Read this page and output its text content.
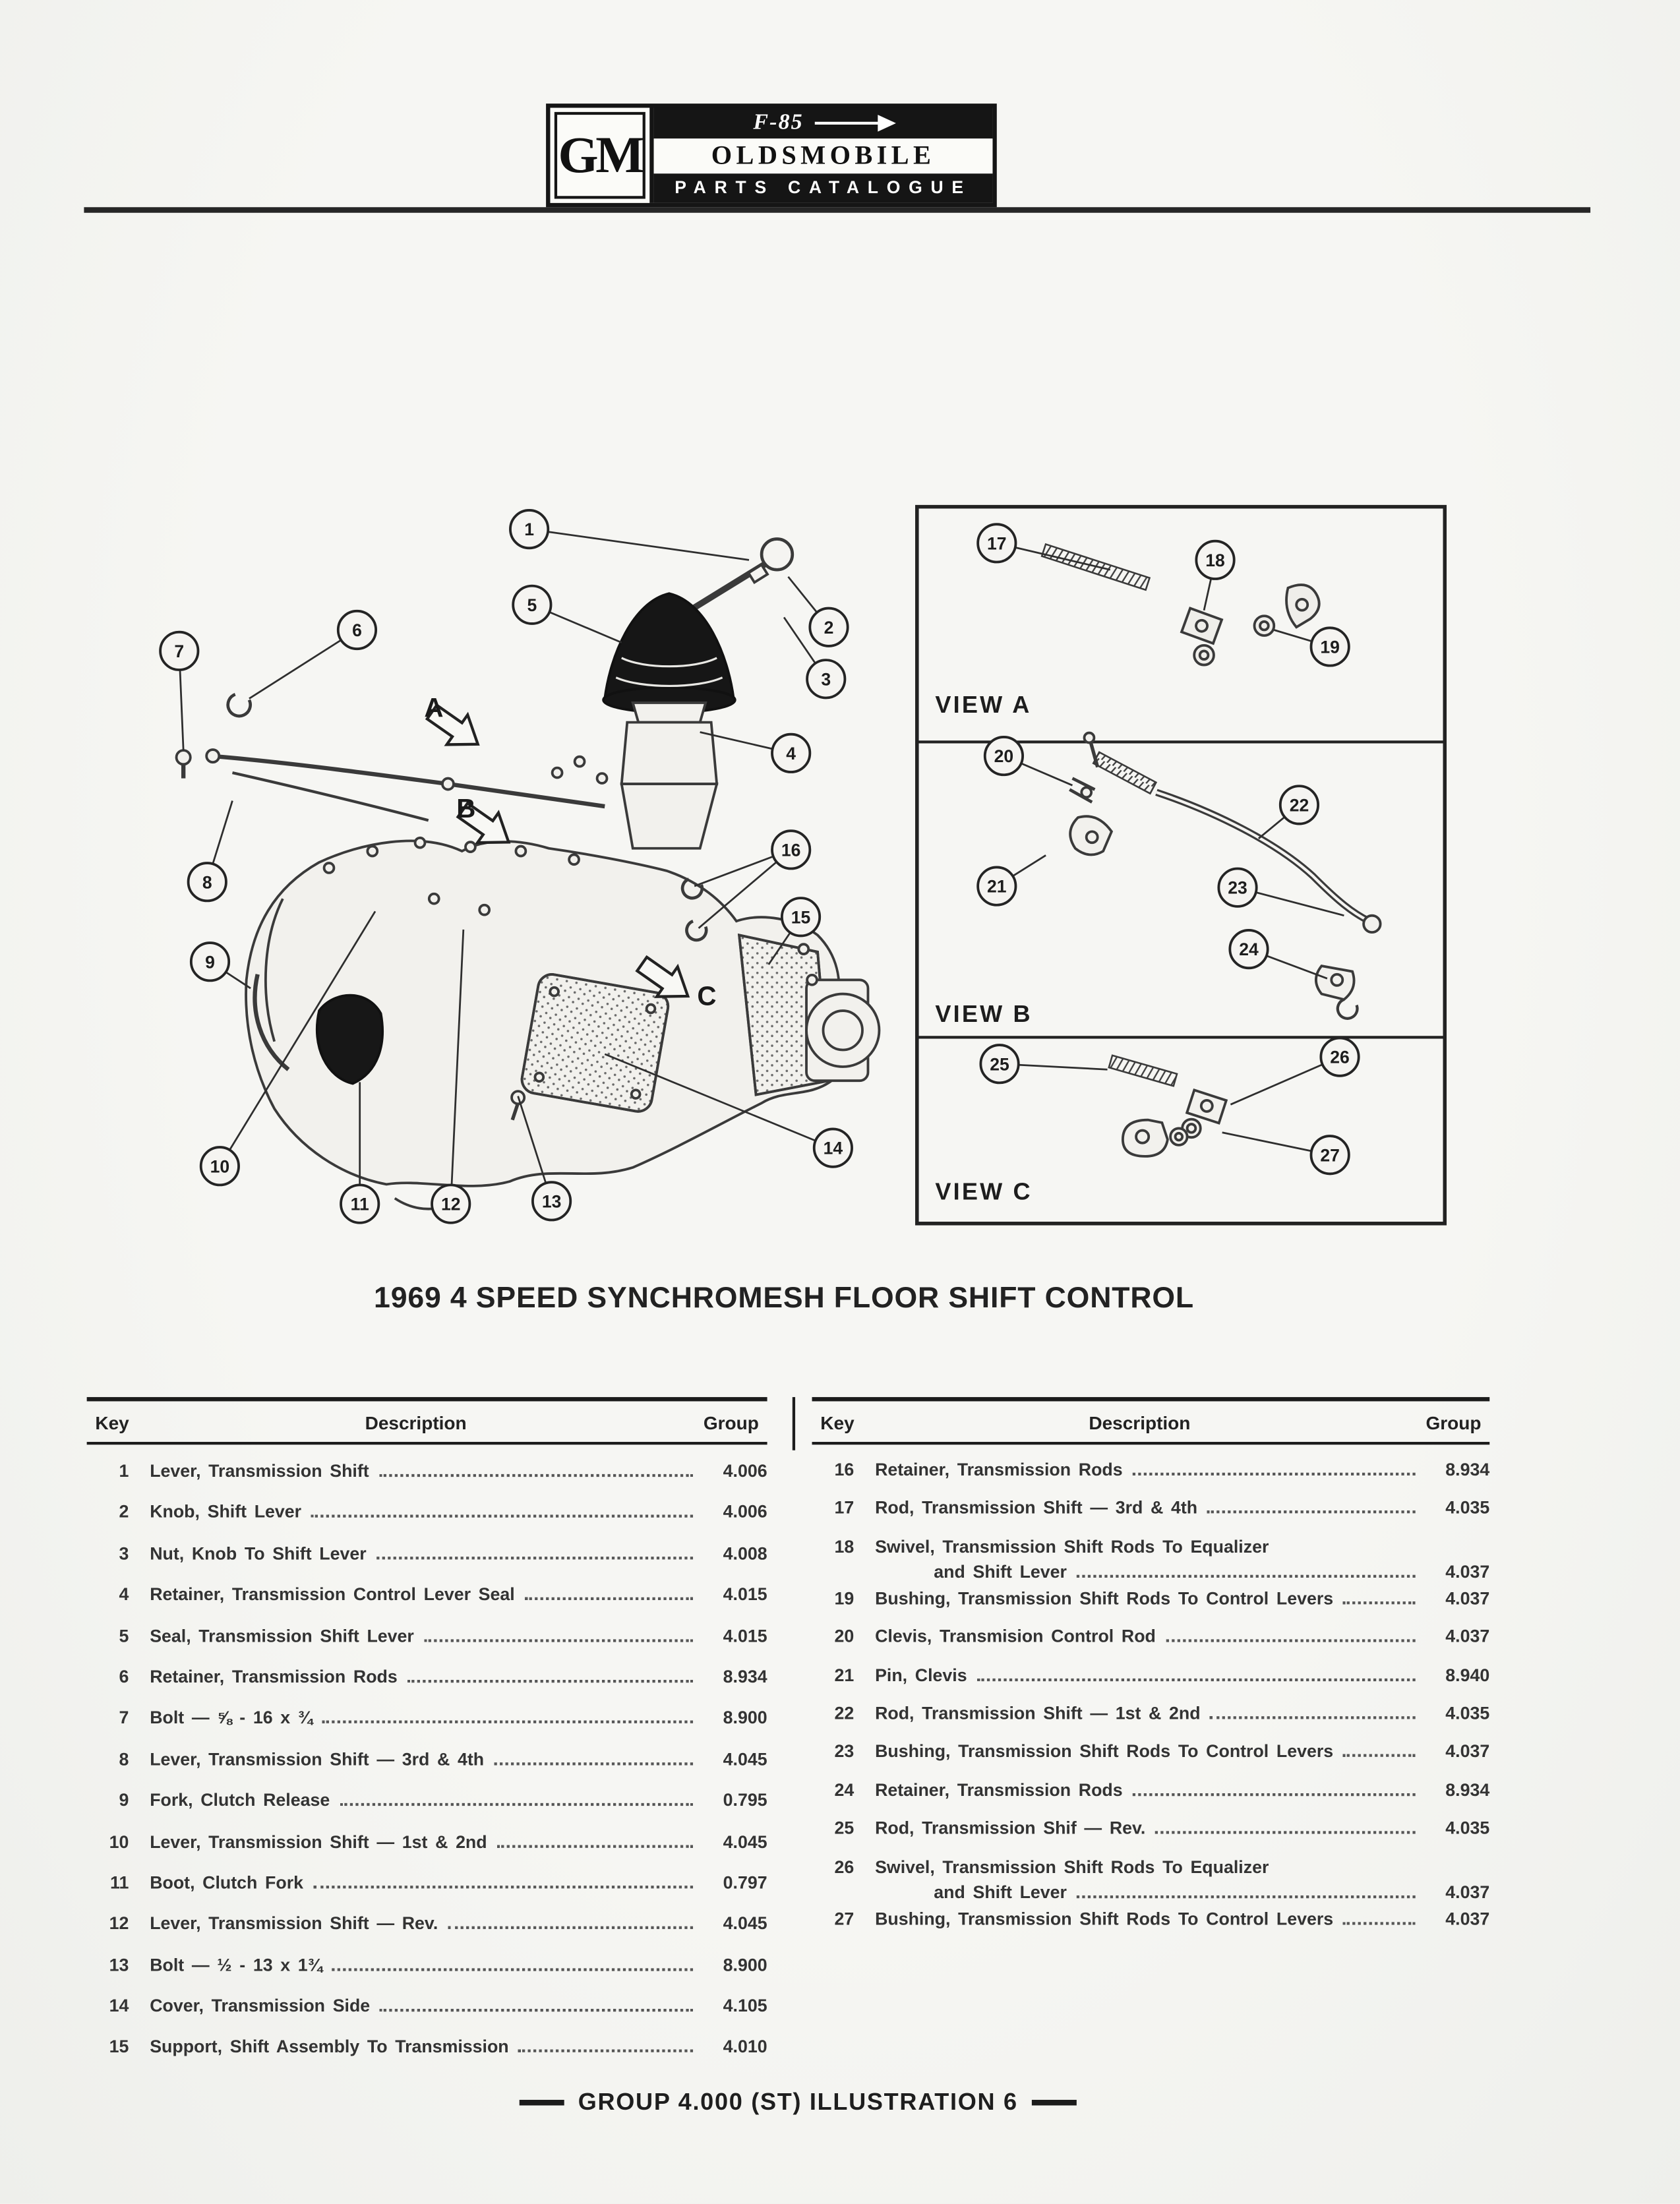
GM
F-85
OLDSMOBILE
PARTS CATALOGUE
VIEW A
VIEW B
VIEW C
A
B
C
1
2
3
4
5
6
7
8
9
10
11	12	13
14
15
16
17
18
19
20
21
22
23
24
25	26
27
1969 4 SPEED SYNCHROMESH FLOOR SHIFT CONTROL
Key	Description	Group
1	Lever, Transmission Shift	4.006
2	Knob, Shift Lever	4.006
3	Nut, Knob To Shift Lever	4.008
4	Retainer, Transmission Control Lever Seal	4.015
5	Seal, Transmission Shift Lever	4.015
6	Retainer, Transmission Rods	8.934
7	Bolt — ⅝ - 16 x ¾	8.900
8	Lever, Transmission Shift — 3rd & 4th	4.045
9	Fork, Clutch Release	0.795
10	Lever, Transmission Shift — 1st & 2nd	4.045
11	Boot, Clutch Fork	0.797
12	Lever, Transmission Shift — Rev.	4.045
13	Bolt — ½ - 13 x 1¾	8.900
14	Cover, Transmission Side	4.105
15	Support, Shift Assembly To Transmission	4.010
Key	Description	Group
16	Retainer, Transmission Rods	8.934
17	Rod, Transmission Shift — 3rd & 4th	4.035
18	Swivel, Transmission Shift Rods To Equalizer
and Shift Lever	4.037
19	Bushing, Transmission Shift Rods To Control Levers	4.037
20	Clevis, Transmision Control Rod	4.037
21	Pin, Clevis	8.940
22	Rod, Transmission Shift — 1st & 2nd	4.035
23	Bushing, Transmission Shift Rods To Control Levers	4.037
24	Retainer, Transmission Rods	8.934
25	Rod, Transmission Shif — Rev.	4.035
26	Swivel, Transmission Shift Rods To Equalizer
and Shift Lever	4.037
27	Bushing, Transmission Shift Rods To Control Levers	4.037
GROUP 4.000 (ST) ILLUSTRATION 6
